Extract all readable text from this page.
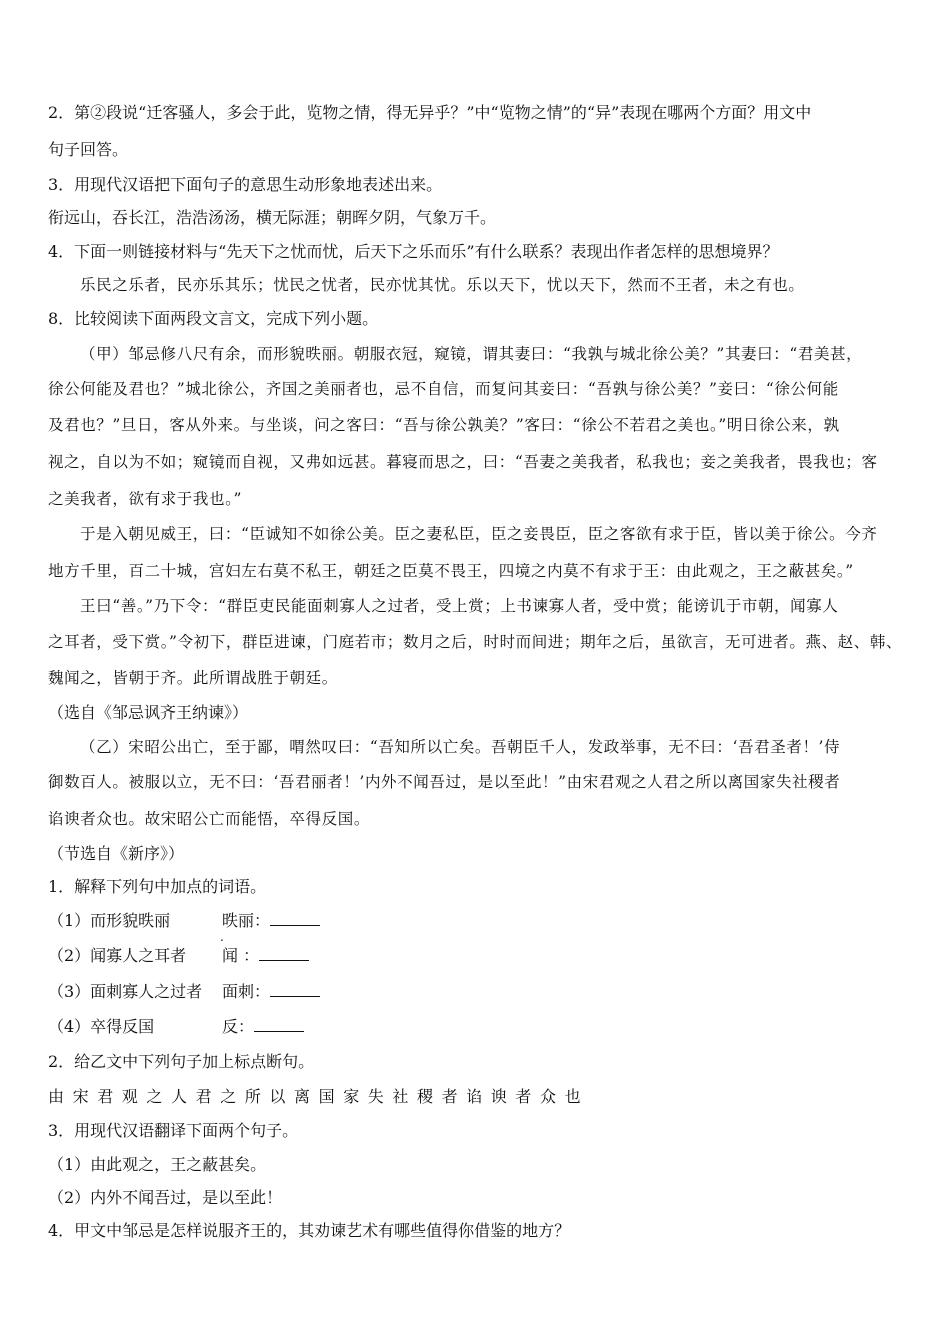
2．第②段说“迁客骚人，多会于此，览物之情，得无异乎？”中“览物之情”的“异”表现在哪两个方面？用文中
句子回答。
3．用现代汉语把下面句子的意思生动形象地表述出来。
衔远山，吞长江，浩浩汤汤，横无际涯；朝晖夕阴，气象万千。
4．下面一则链接材料与“先天下之忧而忧，后天下之乐而乐”有什么联系？表现出作者怎样的思想境界？
乐民之乐者，民亦乐其乐；忧民之忧者，民亦忧其忧。乐以天下，忧以天下，然而不王者，未之有也。
8．比较阅读下面两段文言文，完成下列小题。
（甲）邹忌修八尺有余，而形貌昳丽。朝服衣冠，窥镜，谓其妻曰：“我孰与城北徐公美？”其妻曰：“君美甚，
徐公何能及君也？”城北徐公，齐国之美丽者也，忌不自信，而复问其妾曰：“吾孰与徐公美？”妾曰：“徐公何能
及君也？”旦日，客从外来。与坐谈，问之客曰：“吾与徐公孰美？”客曰：“徐公不若君之美也。”明日徐公来，孰
视之，自以为不如；窥镜而自视，又弗如远甚。暮寝而思之，曰：“吾妻之美我者，私我也；妾之美我者，畏我也；客
之美我者，欲有求于我也。”
于是入朝见威王，曰：“臣诚知不如徐公美。臣之妻私臣，臣之妾畏臣，臣之客欲有求于臣，皆以美于徐公。今齐
地方千里，百二十城，宫妇左右莫不私王，朝廷之臣莫不畏王，四境之内莫不有求于王：由此观之，王之蔽甚矣。”
王曰“善。”乃下令：“群臣吏民能面刺寡人之过者，受上赏；上书谏寡人者，受中赏；能谤讥于市朝，闻寡人
之耳者，受下赏。”令初下，群臣进谏，门庭若市；数月之后，时时而间进；期年之后，虽欲言，无可进者。燕、赵、韩、
魏闻之，皆朝于齐。此所谓战胜于朝廷。
（选自《邹忌讽齐王纳谏》）
（乙）宋昭公出亡，至于鄙，喟然叹曰：“吾知所以亡矣。吾朝臣千人，发政举事，无不曰：‘吾君圣者！’侍
御数百人。被服以立，无不曰：‘吾君丽者！’内外不闻吾过，是以至此！”由宋君观之人君之所以离国家失社稷者
谄谀者众也。故宋昭公亡而能悟，卒得反国。
（节选自《新序》）
1．解释下列句中加点的词语。
（1）而形貌昳丽
.
昳丽：
（2）闻寡人之耳者 闻 ：
（3）面刺寡人之过者 面刺：
（4）卒得反国	反：
2．给乙文中下列句子加上标点断句。
由宋君观之人君之所以离国家失社稷者谄谀者众也
3．用现代汉语翻译下面两个句子。
（1）由此观之，王之蔽甚矣。
（2）内外不闻吾过，是以至此！
4．甲文中邹忌是怎样说服齐王的，其劝谏艺术有哪些值得你借鉴的地方？
